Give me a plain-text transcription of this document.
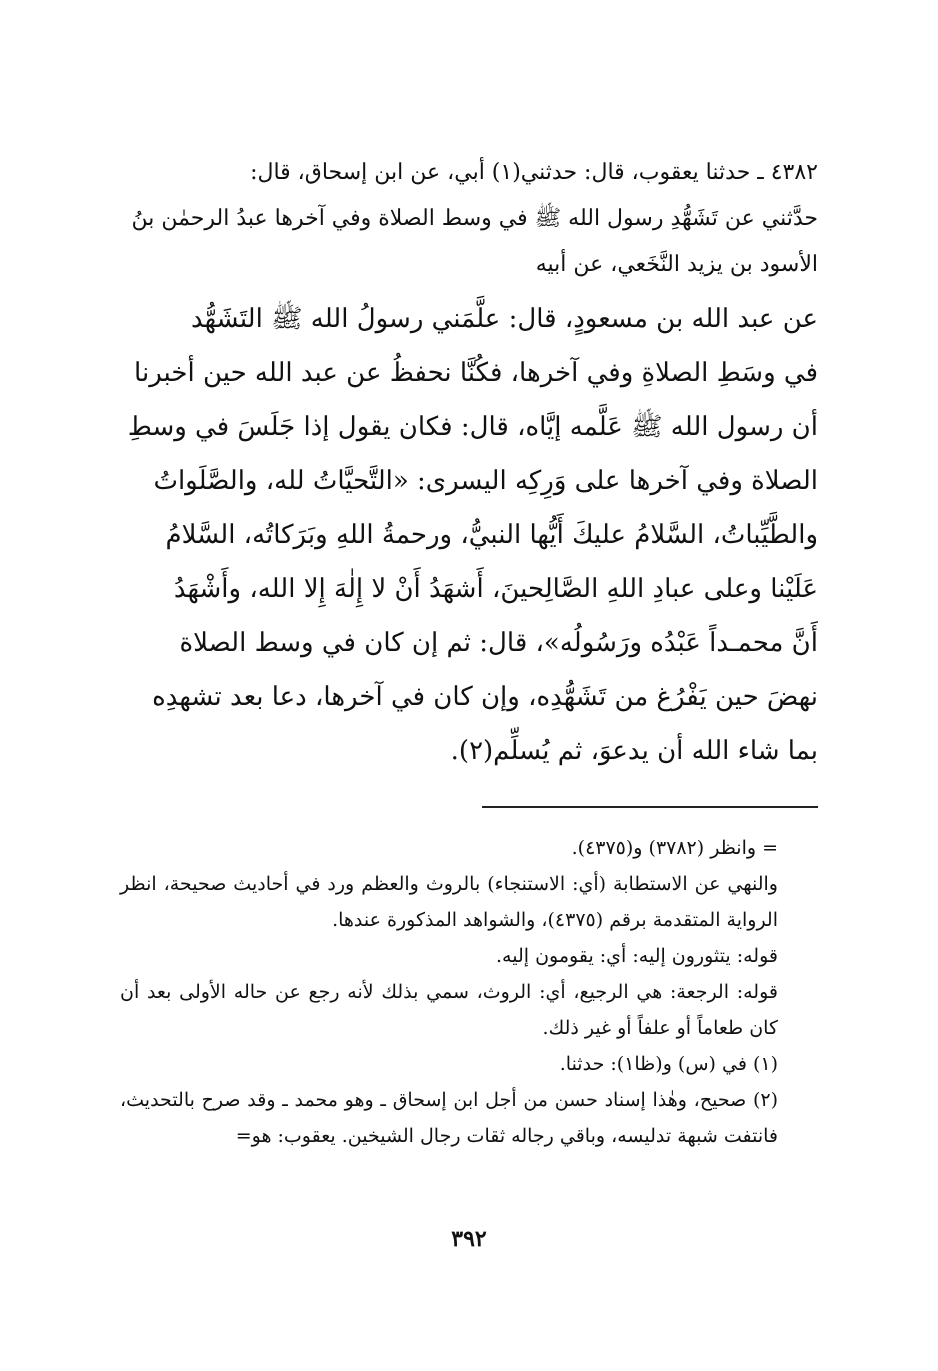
٤٣٨٢ ـ حدثنا يعقوب، قال: حدثني(١) أبي، عن ابن إسحاق، قال:
حدَّثني عن تَشَهُّدِ رسول الله ﷺ في وسط الصلاة وفي آخرها عبدُ الرحمٰن بنُ
الأسود بن يزيد النَّخَعي، عن أبيه
عن عبد الله بن مسعودٍ، قال: علَّمَني رسولُ الله ﷺ التَشَهُّد
في وسَطِ الصلاةِ وفي آخرها، فكُنَّا نحفظُ عن عبد الله حين أخبرنا
أن رسول الله ﷺ عَلَّمه إيَّاه، قال: فكان يقول إذا جَلَسَ في وسطِ
الصلاة وفي آخرها على وَرِكِه اليسرى: «التَّحيَّاتُ لله، والصَّلَواتُ
والطَّيِّباتُ، السَّلامُ عليكَ أَيُّها النبيُّ، ورحمةُ اللهِ وبَرَكاتُه، السَّلامُ
عَلَيْنا وعلى عبادِ اللهِ الصَّالِحينَ، أَشهَدُ أَنْ لا إِلٰهَ إِلا الله، وأَشْهَدُ
أَنَّ محمـداً عَبْدُه ورَسُولُه»، قال: ثم إن كان في وسط الصلاة
نهضَ حين يَفْرُغ من تَشَهُّدِه، وإن كان في آخرها، دعا بعد تشهدِه
بما شاء الله أن يدعوَ، ثم يُسلِّم(٢).
= وانظر (٣٧٨٢) و(٤٣٧٥).
والنهي عن الاستطابة (أي: الاستنجاء) بالروث والعظم ورد في أحاديث صحيحة، انظر الرواية المتقدمة برقم (٤٣٧٥)، والشواهد المذكورة عندها.
قوله: يتثورون إليه: أي: يقومون إليه.
قوله: الرجعة: هي الرجيع، أي: الروث، سمي بذلك لأنه رجع عن حاله الأولى بعد أن كان طعاماً أو علفاً أو غير ذلك.
(١) في (س) و(ظا١): حدثنا.
(٢) صحيح، وهٰذا إسناد حسن من أجل ابن إسحاق ـ وهو محمد ـ وقد صرح بالتحديث، فانتفت شبهة تدليسه، وباقي رجاله ثقات رجال الشيخين. يعقوب: هو=
٣٩٢
